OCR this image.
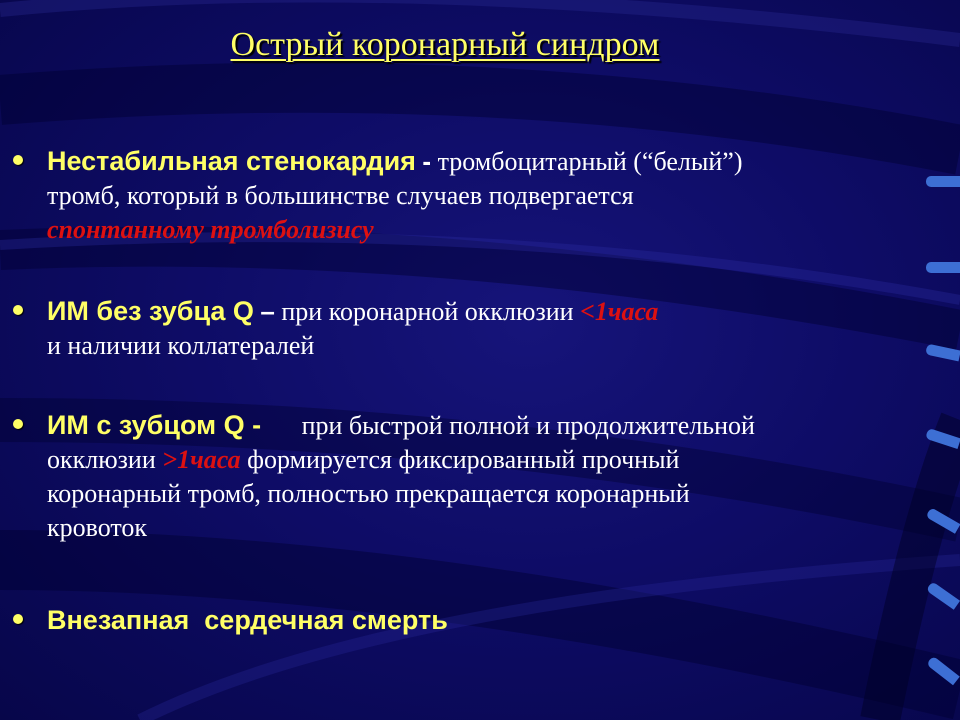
Острый коронарный синдром
Нестабильная стенокардия - тромбоцитарный (“белый”)
тромб, который в большинстве случаев подвергается
спонтанному тромболизису
ИМ без зубца Q – при коронарной окклюзии <1часа
и наличии коллатералей
ИМ с зубцом Q - при быстрой полной и продолжительной
окклюзии >1часа формируется фиксированный прочный
коронарный тромб, полностью прекращается коронарный
кровоток
Внезапная  сердечная смерть
